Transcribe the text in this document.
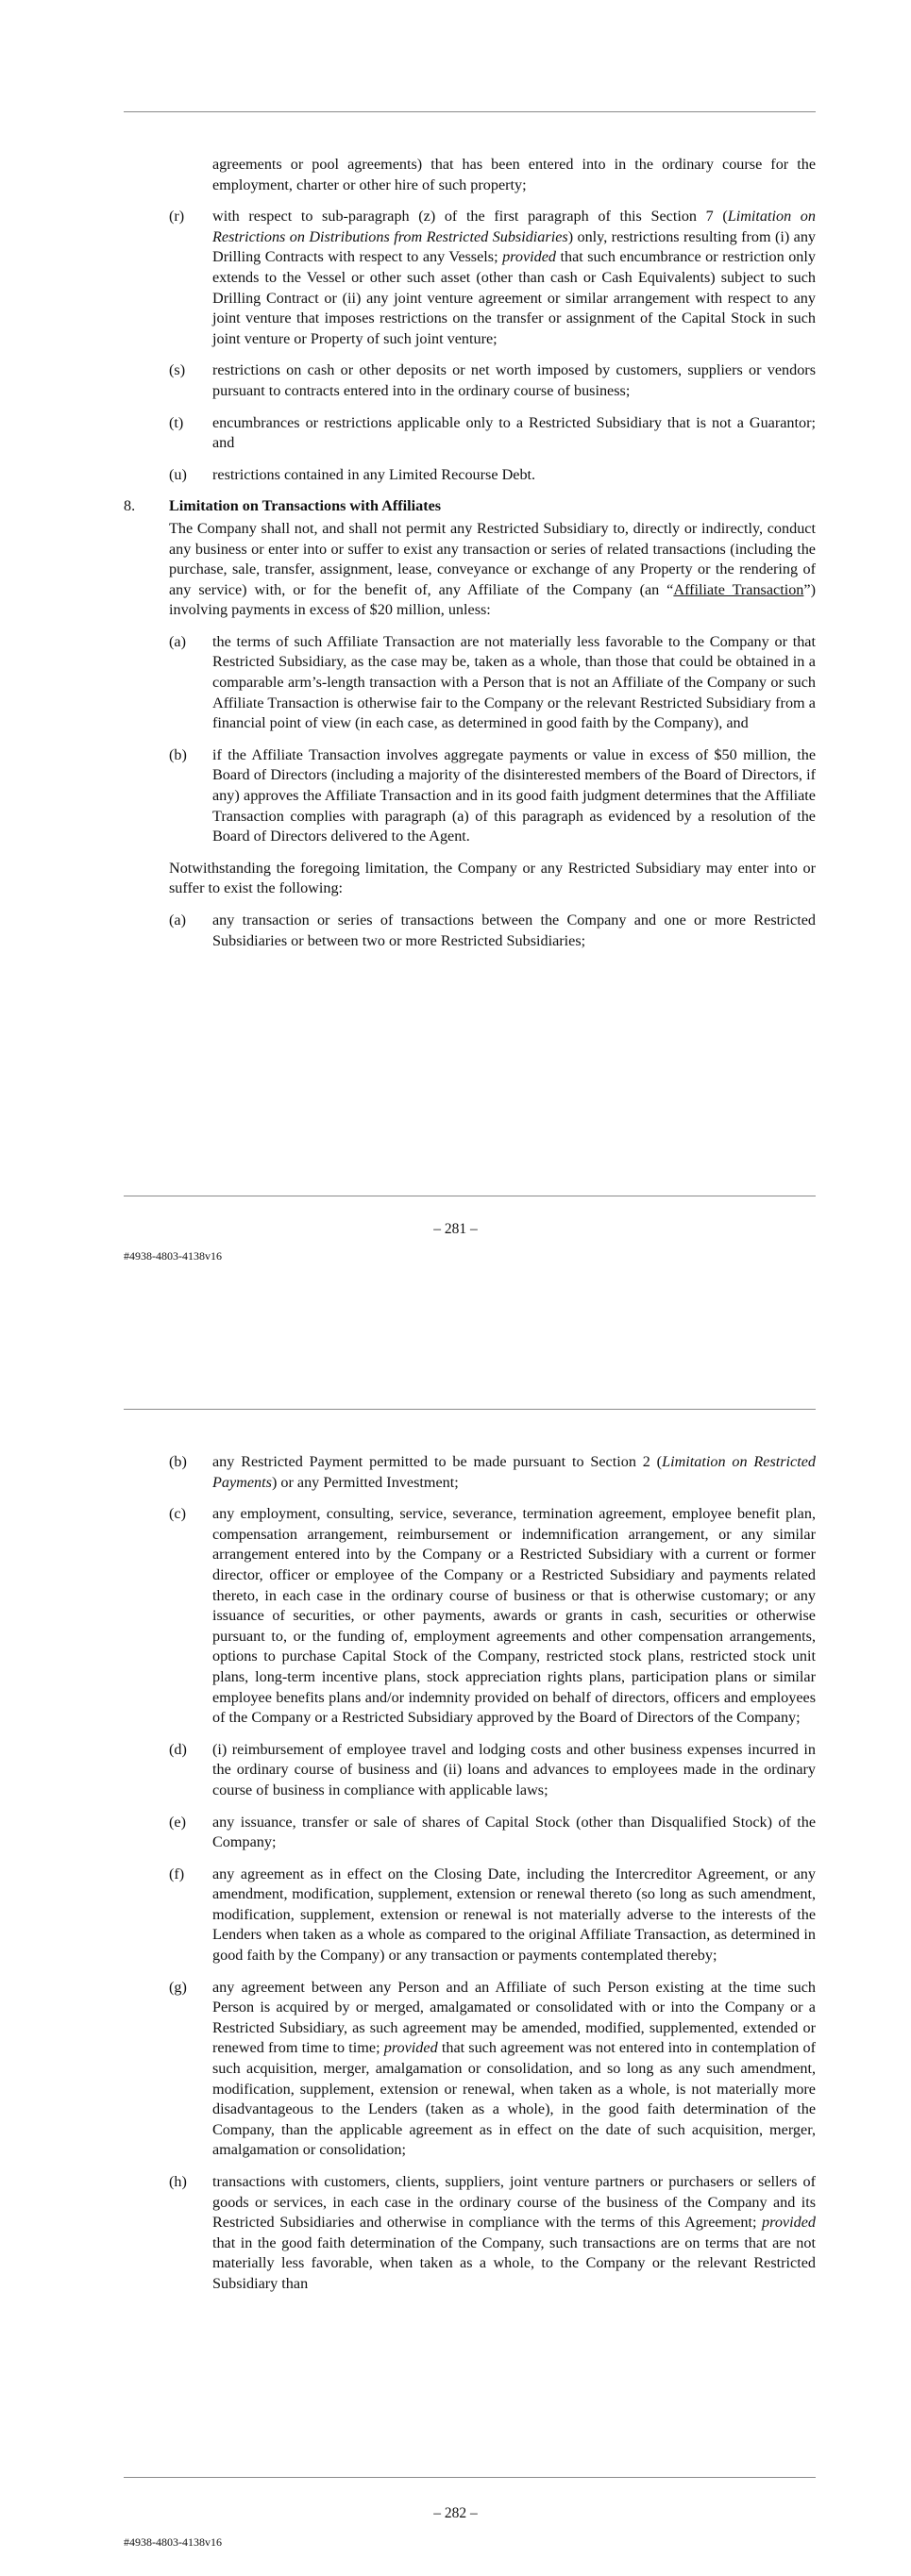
agreements or pool agreements) that has been entered into in the ordinary course for the employment, charter or other hire of such property;

(r) with respect to sub-paragraph (z) of the first paragraph of this Section 7 (Limitation on Restrictions on Distributions from Restricted Subsidiaries) only, restrictions resulting from (i) any Drilling Contracts with respect to any Vessels; provided that such encumbrance or restriction only extends to the Vessel or other such asset (other than cash or Cash Equivalents) subject to such Drilling Contract or (ii) any joint venture agreement or similar arrangement with respect to any joint venture that imposes restrictions on the transfer or assignment of the Capital Stock in such joint venture or Property of such joint venture;
(s) restrictions on cash or other deposits or net worth imposed by customers, suppliers or vendors pursuant to contracts entered into in the ordinary course of business;
(t) encumbrances or restrictions applicable only to a Restricted Subsidiary that is not a Guarantor; and
(u) restrictions contained in any Limited Recourse Debt.
8. Limitation on Transactions with Affiliates

The Company shall not, and shall not permit any Restricted Subsidiary to, directly or indirectly, conduct any business or enter into or suffer to exist any transaction or series of related transactions (including the purchase, sale, transfer, assignment, lease, conveyance or exchange of any Property or the rendering of any service) with, or for the benefit of, any Affiliate of the Company (an “Affiliate Transaction”) involving payments in excess of $20 million, unless:

(a) the terms of such Affiliate Transaction are not materially less favorable to the Company or that Restricted Subsidiary, as the case may be, taken as a whole, than those that could be obtained in a comparable arm’s-length transaction with a Person that is not an Affiliate of the Company or such Affiliate Transaction is otherwise fair to the Company or the relevant Restricted Subsidiary from a financial point of view (in each case, as determined in good faith by the Company), and
(b) if the Affiliate Transaction involves aggregate payments or value in excess of $50 million, the Board of Directors (including a majority of the disinterested members of the Board of Directors, if any) approves the Affiliate Transaction and in its good faith judgment determines that the Affiliate Transaction complies with paragraph (a) of this paragraph as evidenced by a resolution of the Board of Directors delivered to the Agent.

Notwithstanding the foregoing limitation, the Company or any Restricted Subsidiary may enter into or suffer to exist the following:

(a) any transaction or series of transactions between the Company and one or more Restricted Subsidiaries or between two or more Restricted Subsidiaries;
– 281 –
#4938-4803-4138v16
(b) any Restricted Payment permitted to be made pursuant to Section 2 (Limitation on Restricted Payments) or any Permitted Investment;
(c) any employment, consulting, service, severance, termination agreement, employee benefit plan, compensation arrangement, reimbursement or indemnification arrangement, or any similar arrangement entered into by the Company or a Restricted Subsidiary with a current or former director, officer or employee of the Company or a Restricted Subsidiary and payments related thereto, in each case in the ordinary course of business or that is otherwise customary; or any issuance of securities, or other payments, awards or grants in cash, securities or otherwise pursuant to, or the funding of, employment agreements and other compensation arrangements, options to purchase Capital Stock of the Company, restricted stock plans, restricted stock unit plans, long-term incentive plans, stock appreciation rights plans, participation plans or similar employee benefits plans and/or indemnity provided on behalf of directors, officers and employees of the Company or a Restricted Subsidiary approved by the Board of Directors of the Company;
(d) (i) reimbursement of employee travel and lodging costs and other business expenses incurred in the ordinary course of business and (ii) loans and advances to employees made in the ordinary course of business in compliance with applicable laws;
(e) any issuance, transfer or sale of shares of Capital Stock (other than Disqualified Stock) of the Company;
(f) any agreement as in effect on the Closing Date, including the Intercreditor Agreement, or any amendment, modification, supplement, extension or renewal thereto (so long as such amendment, modification, supplement, extension or renewal is not materially adverse to the interests of the Lenders when taken as a whole as compared to the original Affiliate Transaction, as determined in good faith by the Company) or any transaction or payments contemplated thereby;
(g) any agreement between any Person and an Affiliate of such Person existing at the time such Person is acquired by or merged, amalgamated or consolidated with or into the Company or a Restricted Subsidiary, as such agreement may be amended, modified, supplemented, extended or renewed from time to time; provided that such agreement was not entered into in contemplation of such acquisition, merger, amalgamation or consolidation, and so long as any such amendment, modification, supplement, extension or renewal, when taken as a whole, is not materially more disadvantageous to the Lenders (taken as a whole), in the good faith determination of the Company, than the applicable agreement as in effect on the date of such acquisition, merger, amalgamation or consolidation;
(h) transactions with customers, clients, suppliers, joint venture partners or purchasers or sellers of goods or services, in each case in the ordinary course of the business of the Company and its Restricted Subsidiaries and otherwise in compliance with the terms of this Agreement; provided that in the good faith determination of the Company, such transactions are on terms that are not materially less favorable, when taken as a whole, to the Company or the relevant Restricted Subsidiary than
– 282 –
#4938-4803-4138v16
